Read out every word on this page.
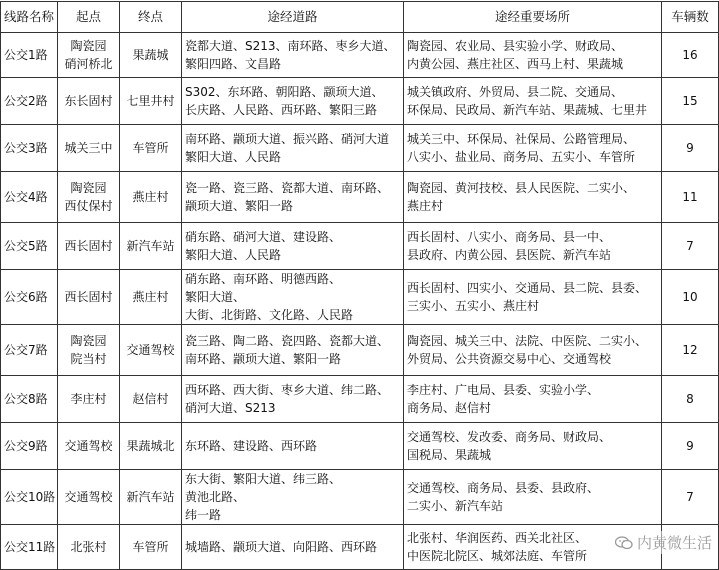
线路名称	起点	终点	途经道路	途经重要场所	车辆数
公交1路	陶瓷园
硝河桥北	果蔬城	瓷都大道、S213、南环路、枣乡大道、
繁阳四路、文昌路	陶瓷园、农业局、县实验小学、财政局、
内黄公园、燕庄社区、西马上村、果蔬城	16
公交2路	东长固村	七里井村	S302、东环路、朝阳路、颛顼大道、
长庆路、人民路、西环路、繁阳三路	城关镇政府、外贸局、县二院、交通局、
环保局、民政局、新汽车站、果蔬城、七里井	15
公交3路	城关三中	车管所	南环路、颛顼大道、振兴路、硝河大道
繁阳大道、人民路	城关三中、环保局、社保局、公路管理局、
八实小、盐业局、商务局、五实小、车管所	9
公交4路	陶瓷园
西仗保村	燕庄村	瓷一路、瓷三路、瓷都大道、南环路、
颛顼大道、繁阳一路	陶瓷园、黄河技校、县人民医院、二实小、
燕庄村	11
公交5路	西长固村	新汽车站	硝东路、硝河大道、建设路、
繁阳大道、人民路	西长固村、八实小、商务局、县一中、
县政府、内黄公园、县医院、新汽车站	7
公交6路	西长固村	燕庄村	硝东路、南环路、明德西路、繁阳大道、
大街、北街路、文化路、人民路	西长固村、四实小、交通局、县二院、县委、
三实小、五实小、燕庄村	10
公交7路	陶瓷园
院当村	交通驾校	瓷三路、陶二路、瓷四路、瓷都大道、
南环路、颛顼大道、繁阳一路	陶瓷园、城关三中、法院、中医院、二实小、
外贸局、公共资源交易中心、交通驾校	12
公交8路	李庄村	赵信村	西环路、西大街、枣乡大道、纬二路、
硝河大道、S213	李庄村、广电局、县委、实验小学、
商务局、赵信村	8
公交9路	交通驾校	果蔬城北	东环路、建设路、西环路	交通驾校、发改委、商务局、财政局、
国税局、果蔬城	9
公交10路	交通驾校	新汽车站	东大街、繁阳大道、纬三路、黄池北路、
纬一路	交通驾校、商务局、县委、县政府、
二实小、新汽车站	7
公交11路	北张村	车管所	城墙路、颛顼大道、向阳路、西环路	北张村、华润医药、西关北社区、
中医院北院区、城郊法庭、车管所	
内黄微生活
